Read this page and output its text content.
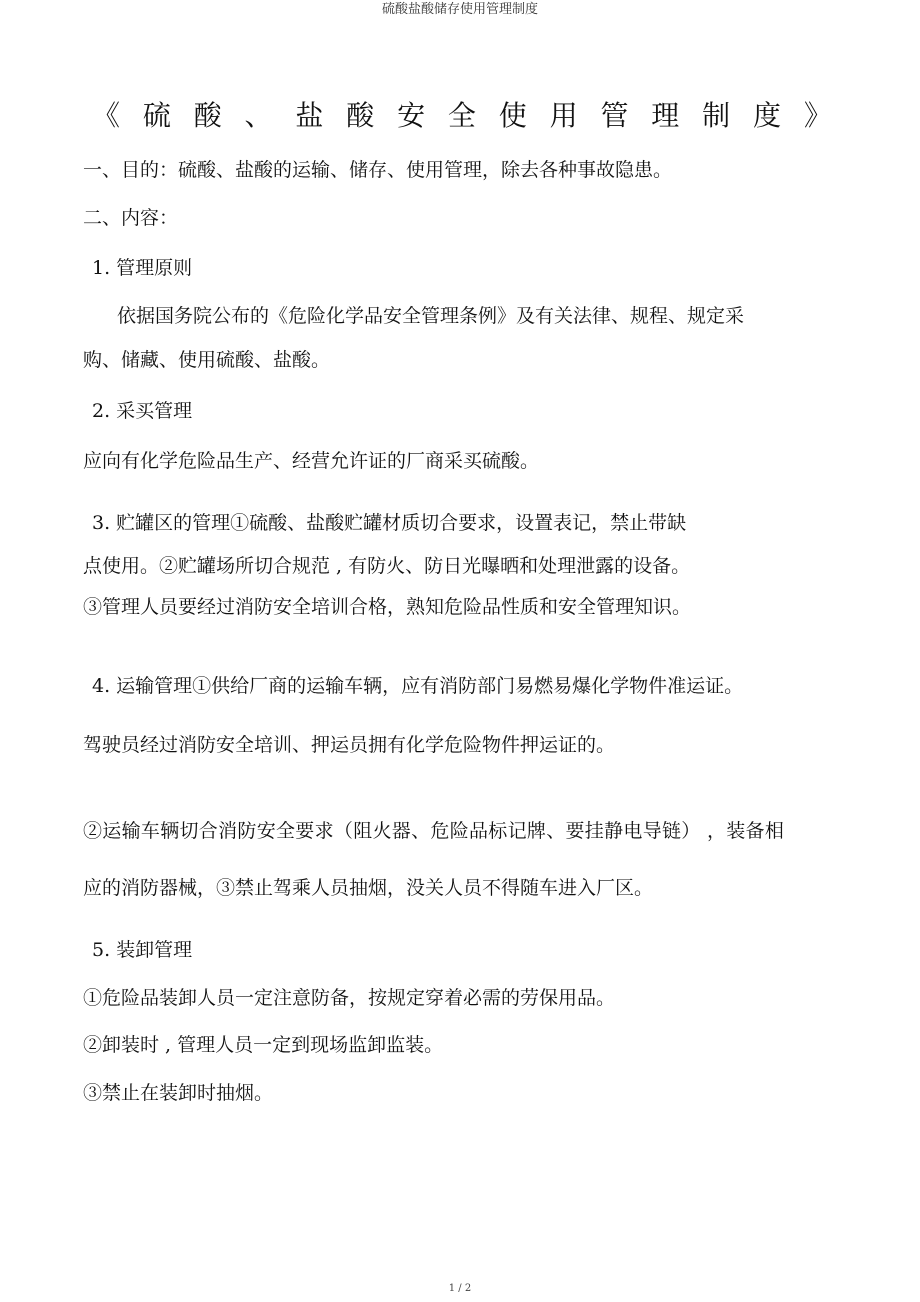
硫酸盐酸储存使用管理制度
《 硫 酸 、 盐 酸 安 全 使 用 管 理 制 度 》
一、目的：硫酸、盐酸的运输、储存、使用管理，除去各种事故隐患。
二、内容：
1. 管理原则
依据国务院公布的《危险化学品安全管理条例》及有关法律、规程、规定采
购、储藏、使用硫酸、盐酸。
2. 采买管理
应向有化学危险品生产、经营允许证的厂商采买硫酸。
3. 贮罐区的管理①硫酸、盐酸贮罐材质切合要求，设置表记，禁止带缺
点使用。②贮罐场所切合规范 , 有防火、防日光曝晒和处理泄露的设备。
③管理人员要经过消防安全培训合格，熟知危险品性质和安全管理知识。
4. 运输管理①供给厂商的运输车辆，应有消防部门易燃易爆化学物件准运证。
驾驶员经过消防安全培训、押运员拥有化学危险物件押运证的。
②运输车辆切合消防安全要求（阻火器、危险品标记牌、要挂静电导链） ，装备相
应的消防器械，③禁止驾乘人员抽烟，没关人员不得随车进入厂区。
5. 装卸管理
①危险品装卸人员一定注意防备，按规定穿着必需的劳保用品。
②卸装时 , 管理人员一定到现场监卸监装。
③禁止在装卸时抽烟。
1 / 2
